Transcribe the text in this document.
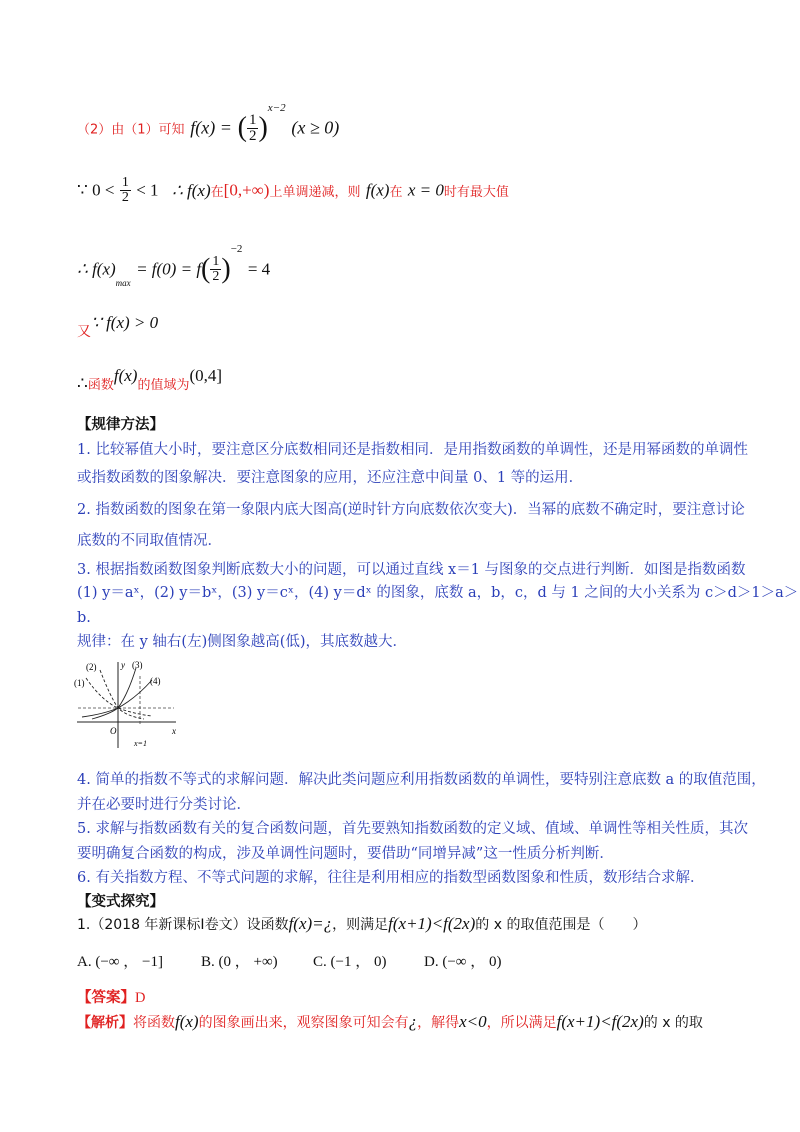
（2）由（1）可知 f(x) = ( $\frac{1}{2} )^{x-2}$ (x ≥ 0)
∵ $0 < \frac{1}{2} < 1$ ∴ f(x)在[0,+∞)上单调递减，则 f(x)在 x = 0时有最大值
∴ $f(x)_{max} = f(0) = f( \frac{1}{2} )^{-2} = 4$
$_又$∵ f(x) > 0
$\therefore_{函数}f(x)_{的值域为}(0,4]$
【规律方法】
1. 比较幂值大小时，要注意区分底数相同还是指数相同．是用指数函数的单调性，还是用幂函数的单调性
或指数函数的图象解决．要注意图象的应用，还应注意中间量 0、1 等的运用．
2. 指数函数的图象在第一象限内底大图高(逆时针方向底数依次变大)．当幂的底数不确定时，要注意讨论
底数的不同取值情况．
3. 根据指数函数图象判断底数大小的问题，可以通过直线 x＝1 与图象的交点进行判断．如图是指数函数
(1) y＝aˣ，(2) y＝bˣ，(3) y＝cˣ，(4) y＝dˣ 的图象，底数 a，b，c，d 与 1 之间的大小关系为 c＞d＞1＞a＞
b.
规律：在 y 轴右(左)侧图象越高(低)，其底数越大．
(1)
(2)	(3)
(4)
y
x
O
x=1
4. 简单的指数不等式的求解问题．解决此类问题应利用指数函数的单调性，要特别注意底数 a 的取值范围，
并在必要时进行分类讨论．
5. 求解与指数函数有关的复合函数问题，首先要熟知指数函数的定义域、值域、单调性等相关性质，其次
要明确复合函数的构成，涉及单调性问题时，要借助“同增异减”这一性质分析判断．
6. 有关指数方程、不等式问题的求解，往往是利用相应的指数型函数图象和性质，数形结合求解．
【变式探究】
1.（2018 年新课标Ⅰ卷文）设函数f(x)=¿，则满足f(x+1)<f(2x)的 x 的取值范围是（　　）
A. (−∞ ， −1]	B. (0 ， +∞) C. (−1 ， 0)	D. (−∞ ， 0)
【答案】D
【解析】将函数f(x)的图象画出来，观察图象可知会有¿，解得x<0，所以满足f(x+1)<f(2x)的 x 的取
